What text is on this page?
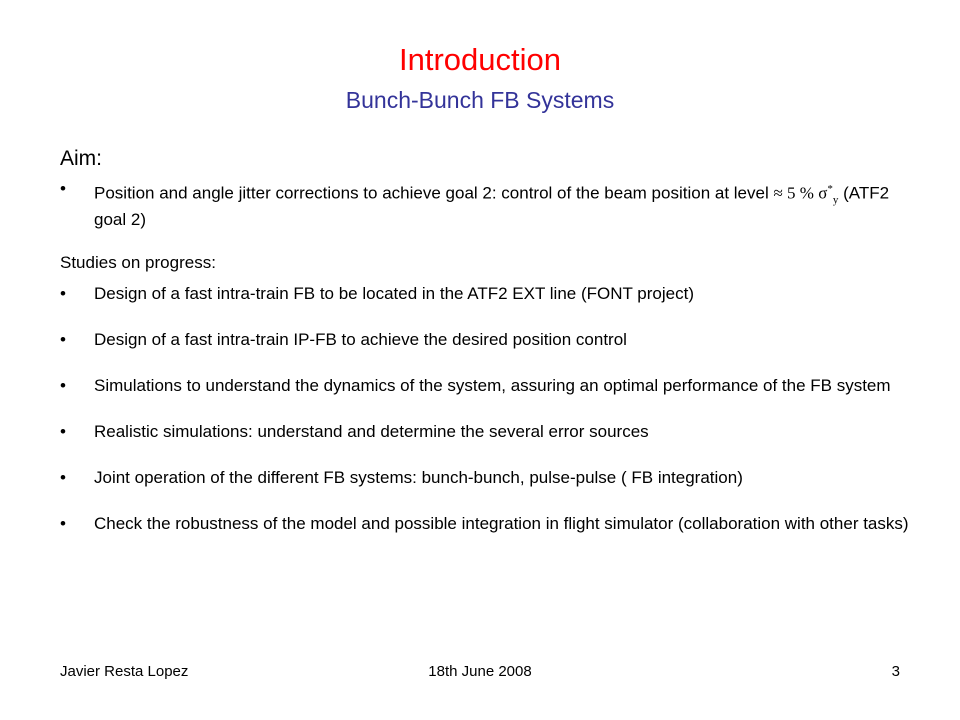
Introduction
Bunch-Bunch FB Systems
Aim:
• Position and angle jitter corrections to achieve goal 2: control of the beam position at level ≈ 5 % $\sigma^*_y$ (ATF2 goal 2)
Studies on progress:
• Design of a fast intra-train FB to be located in the ATF2 EXT line (FONT project)
• Design of a fast intra-train IP-FB to achieve the desired position control
• Simulations to understand the dynamics of the system, assuring an optimal performance of the FB system
• Realistic simulations: understand and determine the several error sources
• Joint operation of the different FB systems: bunch-bunch, pulse-pulse ( FB integration)
• Check the robustness of the model and possible integration in flight simulator (collaboration with other tasks)
Javier Resta Lopez	18th June 2008	3
